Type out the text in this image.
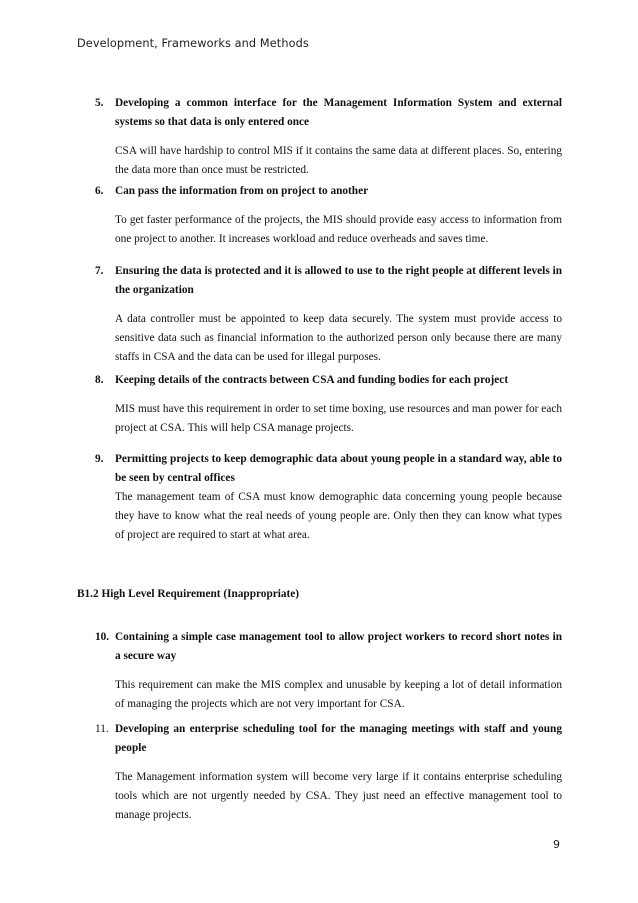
Development, Frameworks and Methods
5. Developing a common interface for the Management Information System and external systems so that data is only entered once
CSA will have hardship to control MIS if it contains the same data at different places. So, entering the data more than once must be restricted.
6. Can pass the information from on project to another
To get faster performance of the projects, the MIS should provide easy access to information from one project to another. It increases workload and reduce overheads and saves time.
7. Ensuring the data is protected and it is allowed to use to the right people at different levels in the organization
A data controller must be appointed to keep data securely. The system must provide access to sensitive data such as financial information to the authorized person only because there are many staffs in CSA and the data can be used for illegal purposes.
8. Keeping details of the contracts between CSA and funding bodies for each project
MIS must have this requirement in order to set time boxing, use resources and man power for each project at CSA. This will help CSA manage projects.
9. Permitting projects to keep demographic data about young people in a standard way, able to be seen by central offices
The management team of CSA must know demographic data concerning young people because they have to know what the real needs of young people are. Only then they can know what types of project are required to start at what area.
B1.2 High Level Requirement (Inappropriate)
10. Containing a simple case management tool to allow project workers to record short notes in a secure way
This requirement can make the MIS complex and unusable by keeping a lot of detail information of managing the projects which are not very important for CSA.
11. Developing an enterprise scheduling tool for the managing meetings with staff and young people
The Management information system will become very large if it contains enterprise scheduling tools which are not urgently needed by CSA. They just need an effective management tool to manage projects.
9
